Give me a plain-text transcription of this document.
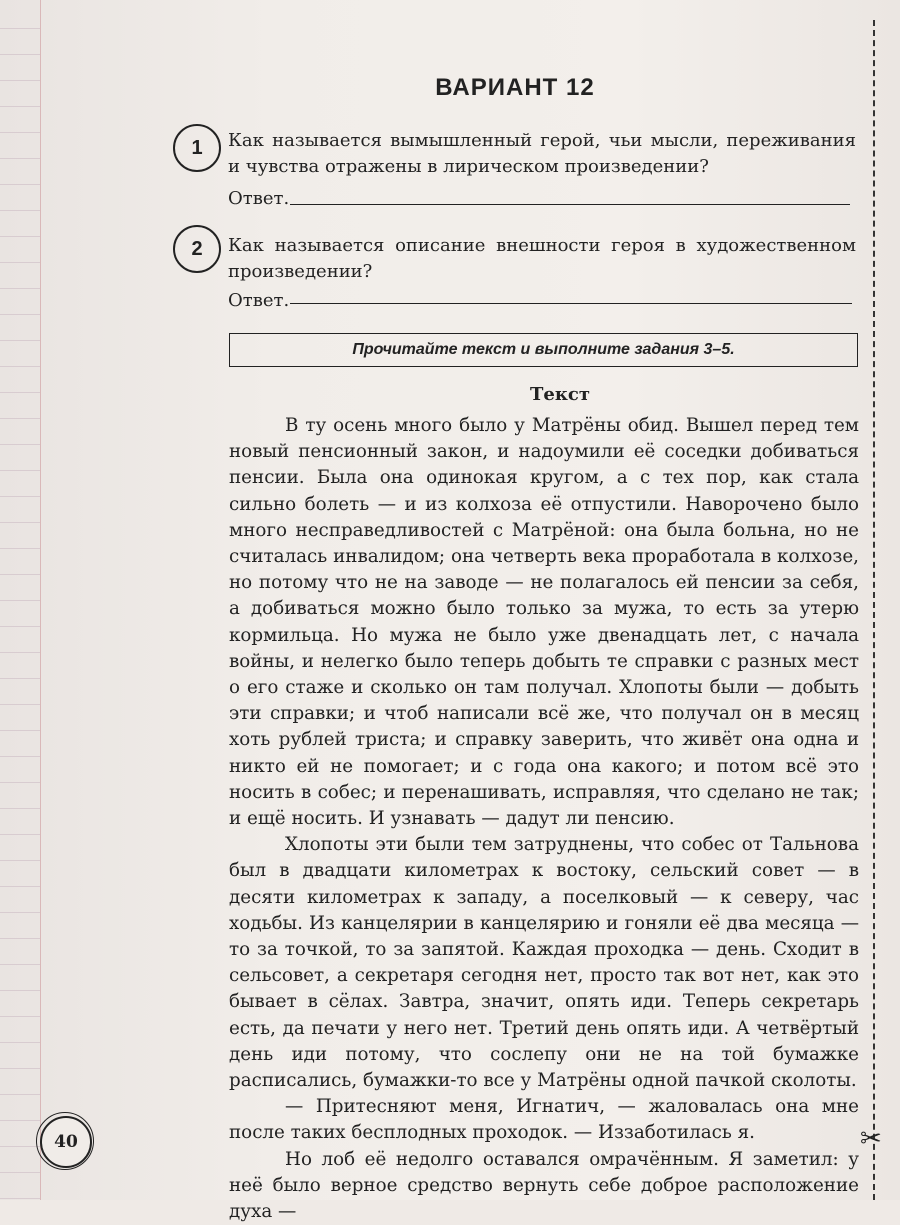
✂
ВАРИАНТ 12
1	Как называется вымышленный герой, чьи мысли, переживания и чувства отражены в лирическом произведении?

Ответ.
2	Как называется описание внешности героя в художественном произведении?

Ответ.
Прочитайте текст и выполните задания 3–5.
Текст

В ту осень много было у Матрёны обид. Вышел перед тем новый пенсионный закон, и надоумили её соседки добиваться пенсии. Была она одинокая кругом, а с тех пор, как стала сильно болеть — и из колхоза её отпустили. Наворочено было много несправедливостей с Матрёной: она была больна, но не считалась инвалидом; она четверть века проработала в колхозе, но потому что не на заводе — не полагалось ей пенсии за себя, а добиваться можно было только за мужа, то есть за утерю кормильца. Но мужа не было уже двенадцать лет, с начала войны, и нелегко было теперь добыть те справки с разных мест о его стаже и сколько он там получал. Хлопоты были — добыть эти справки; и чтоб написали всё же, что получал он в месяц хоть рублей триста; и справку заверить, что живёт она одна и никто ей не помогает; и с года она какого; и потом всё это носить в собес; и перенашивать, исправляя, что сделано не так; и ещё носить. И узнавать — дадут ли пенсию.

Хлопоты эти были тем затруднены, что собес от Тальнова был в двадцати километрах к востоку, сельский совет — в десяти километрах к западу, а поселковый — к северу, час ходьбы. Из канцелярии в канцелярию и гоняли её два месяца — то за точкой, то за запятой. Каждая проходка — день. Сходит в сельсовет, а секретаря сегодня нет, просто так вот нет, как это бывает в сёлах. Завтра, значит, опять иди. Теперь секретарь есть, да печати у него нет. Третий день опять иди. А четвёртый день иди потому, что сослепу они не на той бумажке расписались, бумажки-то все у Матрёны одной пачкой сколоты.

— Притесняют меня, Игнатич, — жаловалась она мне после таких бесплодных проходок. — Иззаботилась я.

Но лоб её недолго оставался омрачённым. Я заметил: у неё было верное средство вернуть себе доброе расположение духа —

40
